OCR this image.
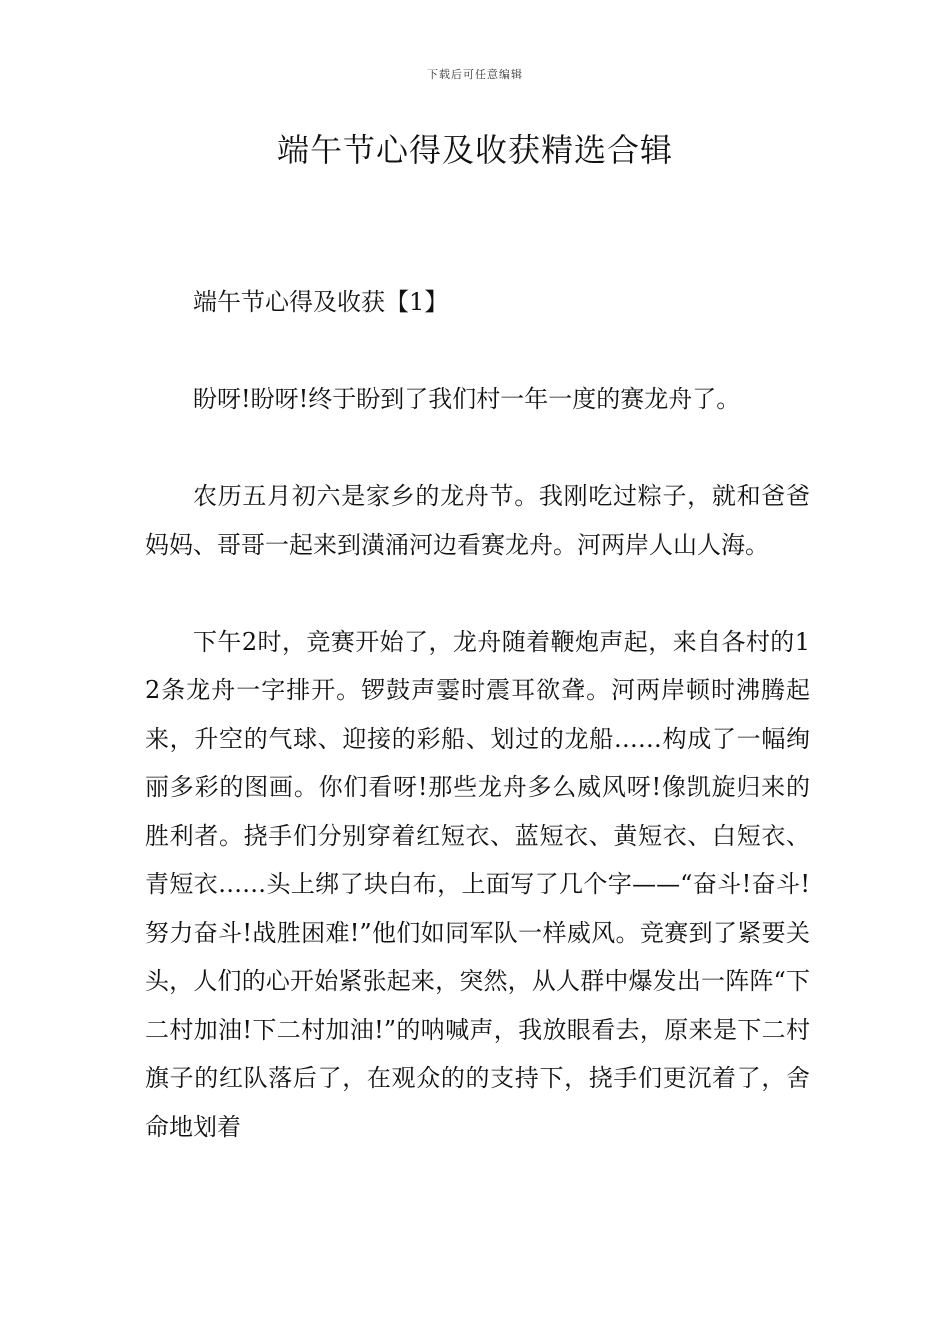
下载后可任意编辑
端午节心得及收获精选合辑

端午节心得及收获【1】

盼呀!盼呀!终于盼到了我们村一年一度的赛龙舟了。

农历五月初六是家乡的龙舟节。我刚吃过粽子，就和爸爸妈妈、哥哥一起来到潢涌河边看赛龙舟。河两岸人山人海。

下午2时，竞赛开始了，龙舟随着鞭炮声起，来自各村的12条龙舟一字排开。锣鼓声霎时震耳欲聋。河两岸顿时沸腾起来，升空的气球、迎接的彩船、划过的龙船……构成了一幅绚丽多彩的图画。你们看呀!那些龙舟多么威风呀!像凯旋归来的胜利者。挠手们分别穿着红短衣、蓝短衣、黄短衣、白短衣、青短衣……头上绑了块白布，上面写了几个字——“奋斗!奋斗!努力奋斗!战胜困难!”他们如同军队一样威风。竞赛到了紧要关头，人们的心开始紧张起来，突然，从人群中爆发出一阵阵“下二村加油!下二村加油!”的呐喊声，我放眼看去，原来是下二村旗子的红队落后了，在观众的的支持下，挠手们更沉着了，舍命地划着
